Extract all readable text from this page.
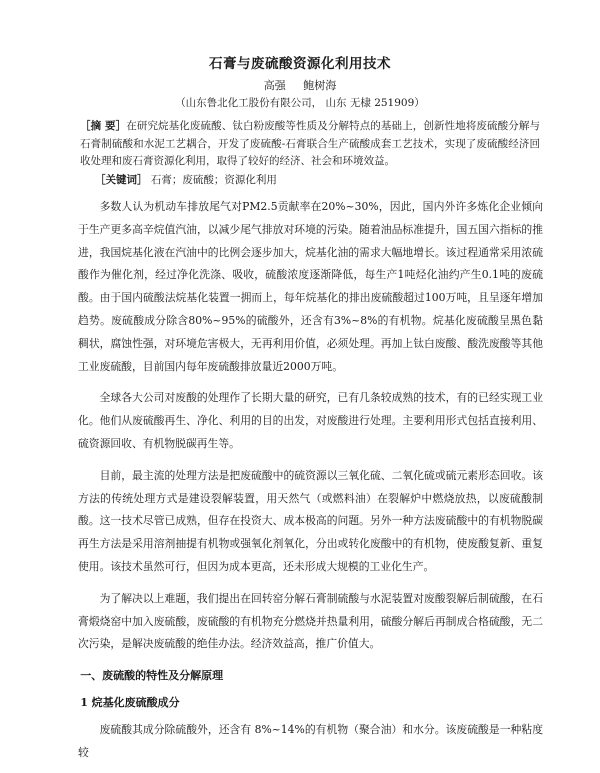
石膏与废硫酸资源化利用技术
高强 鲍树海
（山东鲁北化工股份有限公司， 山东 无棣 251909）
［摘 要］在研究烷基化废硫酸、钛白粉废酸等性质及分解特点的基础上，创新性地将废硫酸分解与石膏制硫酸和水泥工艺耦合，开发了废硫酸-石膏联合生产硫酸成套工艺技术，实现了废硫酸经济回收处理和废石膏资源化利用，取得了较好的经济、社会和环境效益。
［关键词］ 石膏；废硫酸；资源化利用

多数人认为机动车排放尾气对PM2.5贡献率在20%~30%，因此，国内外许多炼化企业倾向于生产更多高辛烷值汽油，以减少尾气排放对环境的污染。随着油品标准提升，国五国六指标的推进，我国烷基化液在汽油中的比例会逐步加大，烷基化油的需求大幅地增长。该过程通常采用浓硫酸作为催化剂，经过净化洗涤、吸收，硫酸浓度逐渐降低，每生产1吨烃化油约产生0.1吨的废硫酸。由于国内硫酸法烷基化装置一拥而上，每年烷基化的排出废硫酸超过100万吨，且呈逐年增加趋势。废硫酸成分除含80%~95%的硫酸外，还含有3%~8%的有机物。烷基化废硫酸呈黑色黏稠状，腐蚀性强，对环境危害极大，无再利用价值，必须处理。再加上钛白废酸、酸洗废酸等其他工业废硫酸，目前国内每年废硫酸排放量近2000万吨。

全球各大公司对废酸的处理作了长期大量的研究，已有几条较成熟的技术，有的已经实现工业化。他们从废硫酸再生、净化、利用的目的出发，对废酸进行处理。主要利用形式包括直接利用、硫资源回收、有机物脱碳再生等。

目前，最主流的处理方法是把废硫酸中的硫资源以三氧化硫、二氧化硫或硫元素形态回收。该方法的传统处理方式是建设裂解装置，用天然气（或燃料油）在裂解炉中燃烧放热，以废硫酸制酸。这一技术尽管已成熟，但存在投资大、成本极高的问题。另外一种方法废硫酸中的有机物脱碳再生方法是采用溶剂抽提有机物或强氧化剂氧化，分出或转化废酸中的有机物，使废酸复新、重复使用。该技术虽然可行，但因为成本更高，还未形成大规模的工业化生产。

为了解决以上难题，我们提出在回转窑分解石膏制硫酸与水泥装置对废酸裂解后制硫酸，在石膏煅烧窑中加入废硫酸，废硫酸的有机物充分燃烧并热量利用，硫酸分解后再制成合格硫酸，无二次污染，是解决废硫酸的绝佳办法。经济效益高，推广价值大。

一、废硫酸的特性及分解原理
1 烷基化废硫酸成分

废硫酸其成分除硫酸外，还含有 8%~14%的有机物（聚合油）和水分。该废硫酸是一种粘度较
